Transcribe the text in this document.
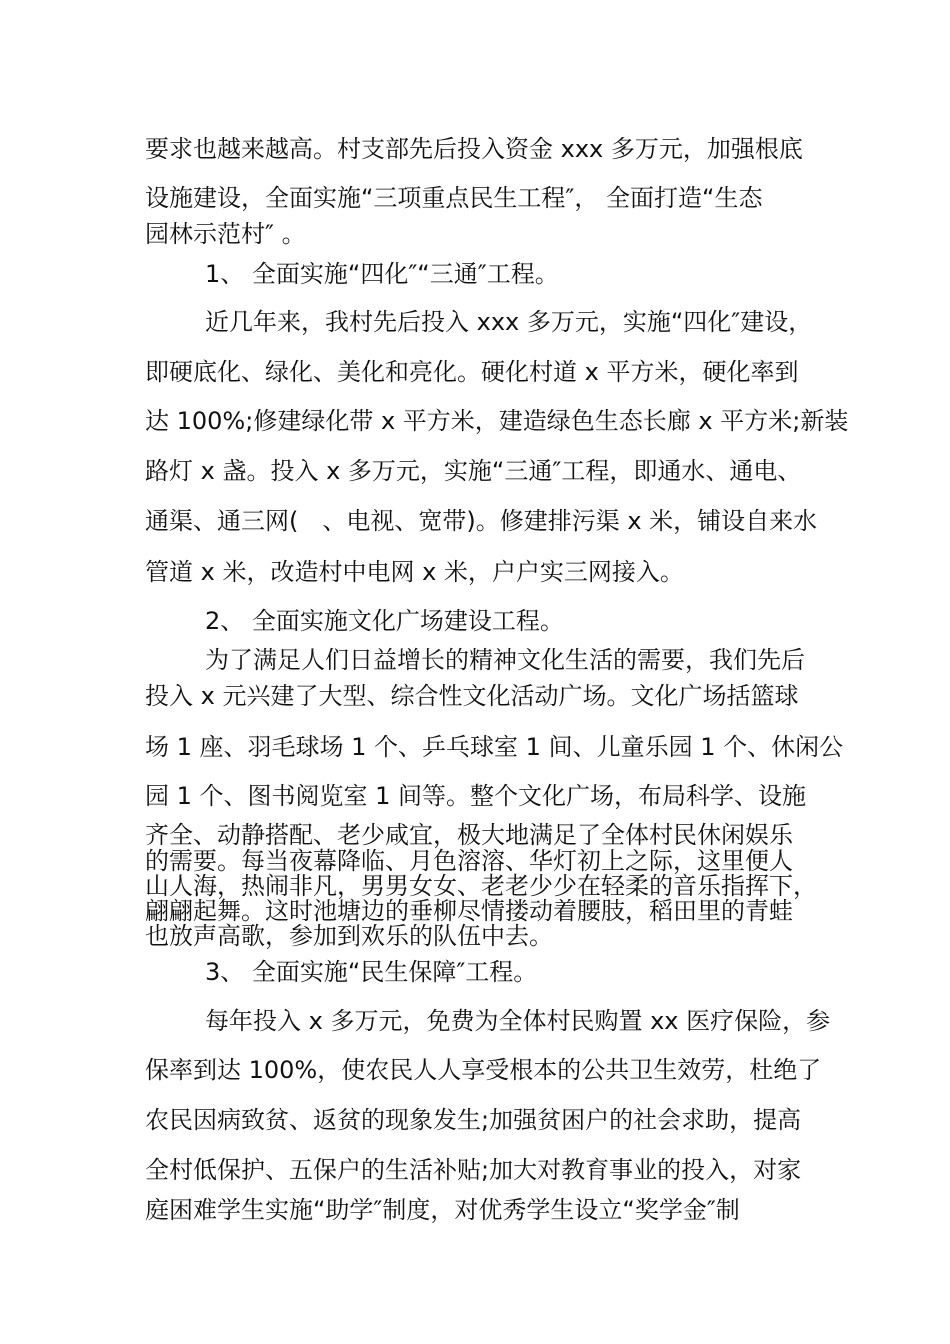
要求也越来越高。村支部先后投入资金 xxx 多万元，加强根底
设施建设，全面实施“三项重点民生工程″， 全面打造“生态
园林示范村″ 。
1、 全面实施“四化″“三通″工程。
近几年来，我村先后投入 xxx 多万元，实施“四化″建设，
即硬底化、绿化、美化和亮化。硬化村道 x 平方米，硬化率到
达 100%;修建绿化带 x 平方米，建造绿色生态长廊 x 平方米;新装
路灯 x 盏。投入 x 多万元，实施“三通″工程，即通水、通电、
通渠、通三网(　、电视、宽带)。修建排污渠 x 米，铺设自来水
管道 x 米，改造村中电网 x 米，户户实三网接入。
2、 全面实施文化广场建设工程。
为了满足人们日益增长的精神文化生活的需要，我们先后
投入 x 元兴建了大型、综合性文化活动广场。文化广场括篮球
场 1 座、羽毛球场 1 个、乒乓球室 1 间、儿童乐园 1 个、休闲公
园 1 个、图书阅览室 1 间等。整个文化广场，布局科学、设施
齐全、动静搭配、老少咸宜，极大地满足了全体村民休闲娱乐
的需要。每当夜幕降临、月色溶溶、华灯初上之际，这里便人
山人海，热闹非凡，男男女女、老老少少在轻柔的音乐指挥下，
翩翩起舞。这时池塘边的垂柳尽情搂动着腰肢，稻田里的青蛙
也放声高歌，参加到欢乐的队伍中去。
3、 全面实施“民生保障″工程。
每年投入 x 多万元，免费为全体村民购置 xx 医疗保险，参
保率到达 100%，使农民人人享受根本的公共卫生效劳，杜绝了
农民因病致贫、返贫的现象发生;加强贫困户的社会求助，提高
全村低保护、五保户的生活补贴;加大对教育事业的投入，对家
庭困难学生实施“助学″制度，对优秀学生设立“奖学金″制
